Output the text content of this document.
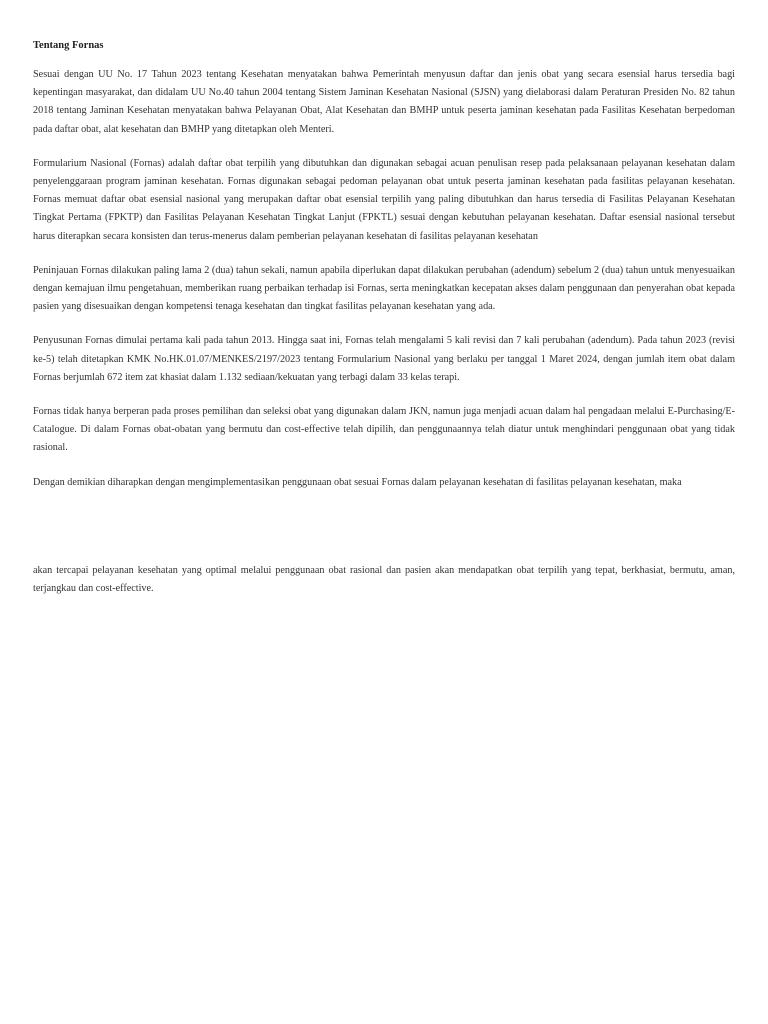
Tentang Fornas

Sesuai dengan UU No. 17 Tahun 2023 tentang Kesehatan menyatakan bahwa Pemerintah menyusun daftar dan jenis obat yang secara esensial harus tersedia bagi kepentingan masyarakat, dan didalam UU No.40 tahun 2004 tentang Sistem Jaminan Kesehatan Nasional (SJSN) yang dielaborasi dalam Peraturan Presiden No. 82 tahun 2018 tentang Jaminan Kesehatan menyatakan bahwa Pelayanan Obat, Alat Kesehatan dan BMHP untuk peserta jaminan kesehatan pada Fasilitas Kesehatan berpedoman pada daftar obat, alat kesehatan dan BMHP yang ditetapkan oleh Menteri.

Formularium Nasional (Fornas) adalah daftar obat terpilih yang dibutuhkan dan digunakan sebagai acuan penulisan resep pada pelaksanaan pelayanan kesehatan dalam penyelenggaraan program jaminan kesehatan. Fornas digunakan sebagai pedoman pelayanan obat untuk peserta jaminan kesehatan pada fasilitas pelayanan kesehatan. Fornas memuat daftar obat esensial nasional yang merupakan daftar obat esensial terpilih yang paling dibutuhkan dan harus tersedia di Fasilitas Pelayanan Kesehatan Tingkat Pertama (FPKTP) dan Fasilitas Pelayanan Kesehatan Tingkat Lanjut (FPKTL) sesuai dengan kebutuhan pelayanan kesehatan. Daftar esensial nasional tersebut harus diterapkan secara konsisten dan terus-menerus dalam pemberian pelayanan kesehatan di fasilitas pelayanan kesehatan

Peninjauan Fornas dilakukan paling lama 2 (dua) tahun sekali, namun apabila diperlukan dapat dilakukan perubahan (adendum) sebelum 2 (dua) tahun untuk menyesuaikan dengan kemajuan ilmu pengetahuan, memberikan ruang perbaikan terhadap isi Fornas, serta meningkatkan kecepatan akses dalam penggunaan dan penyerahan obat kepada pasien yang disesuaikan dengan kompetensi tenaga kesehatan dan tingkat fasilitas pelayanan kesehatan yang ada.

Penyusunan Fornas dimulai pertama kali pada tahun 2013. Hingga saat ini, Fornas telah mengalami 5 kali revisi dan 7 kali perubahan (adendum). Pada tahun 2023 (revisi ke-5) telah ditetapkan KMK No.HK.01.07/MENKES/2197/2023 tentang Formularium Nasional yang berlaku per tanggal 1 Maret 2024, dengan jumlah item obat dalam Fornas berjumlah 672 item zat khasiat dalam 1.132 sediaan/kekuatan yang terbagi dalam 33 kelas terapi.

Fornas tidak hanya berperan pada proses pemilihan dan seleksi obat yang digunakan dalam JKN, namun juga menjadi acuan dalam hal pengadaan melalui E-Purchasing/E-Catalogue. Di dalam Fornas obat-obatan yang bermutu dan cost-effective telah dipilih, dan penggunaannya telah diatur untuk menghindari penggunaan obat yang tidak rasional.

Dengan demikian diharapkan dengan mengimplementasikan penggunaan obat sesuai Fornas dalam pelayanan kesehatan di fasilitas pelayanan kesehatan, maka

akan tercapai pelayanan kesehatan yang optimal melalui penggunaan obat rasional dan pasien akan mendapatkan obat terpilih yang tepat, berkhasiat, bermutu, aman, terjangkau dan cost-effective.
